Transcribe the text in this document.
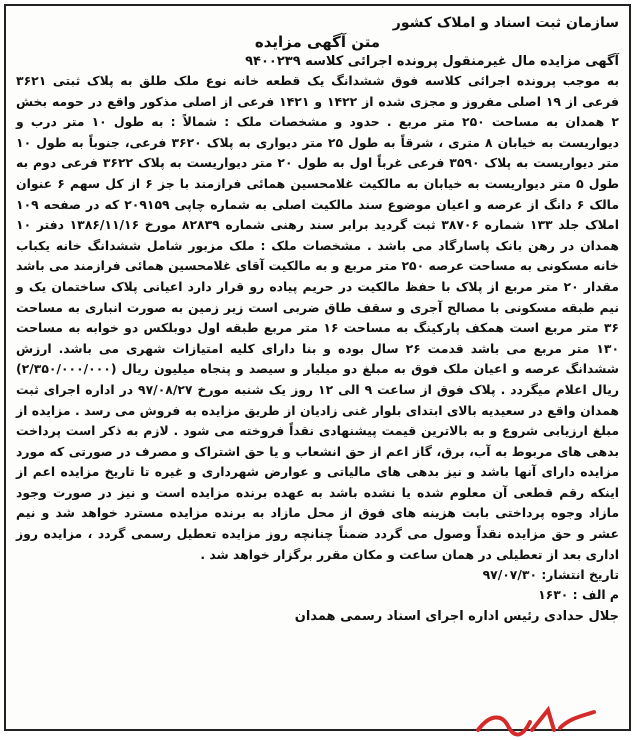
سازمان ثبت اسناد و املاک کشور

متن آگهی مزایده

آگهی مزایده مال غیرمنقول پرونده اجرائی کلاسه ۹۴۰۰۲۳۹

به موجب پرونده اجرائی کلاسه فوق ششدانگ یک قطعه خانه نوع ملک طلق به پلاک ثبتی ۳۶۲۱ فرعی از ۱۹ اصلی مفروز و مجزی شده از ۱۴۲۲ و ۱۴۲۱ فرعی از اصلی مذکور واقع در حومه بخش ۲ همدان به مساحت ۲۵۰ متر مربع . حدود و مشخصات ملک : شمالاً : به طول ۱۰ متر درب و دیواریست به خیابان ۸ متری ، شرقاً به طول ۲۵ متر دیواری به پلاک ۳۶۲۰ فرعی، جنوباً به طول ۱۰ متر دیواریست به پلاک ۳۵۹۰ فرعی غرباً اول به طول ۲۰ متر دیواریست به پلاک ۳۶۲۲ فرعی دوم به طول ۵ متر دیواریست به خیابان به مالکیت غلامحسین همائی فرازمند با جز ۶ از کل سهم ۶ عنوان مالک ۶ دانگ از عرصه و اعیان موضوع سند مالکیت اصلی به شماره چاپی ۲۰۹۱۵۹ که در صفحه ۱۰۹ املاک جلد ۱۳۳ شماره ۳۸۷۰۶ ثبت گردید برابر سند رهنی شماره ۸۲۸۳۹ مورخ ۱۳۸۶/۱۱/۱۶ دفتر ۱۰ همدان در رهن بانک پاسارگاد می باشد . مشخصات ملک : ملک مزبور شامل ششدانگ خانه یکباب خانه مسکونی به مساحت عرصه ۲۵۰ متر مربع و به مالکیت آقای غلامحسین همائی فرازمند می باشد مقدار ۲۰ متر مربع از پلاک با حفظ مالکیت در حریم پیاده رو قرار دارد اعیانی پلاک ساختمان یک و نیم طبقه مسکونی با مصالح آجری و سقف طاق ضربی است زیر زمین به صورت انباری به مساحت ۳۶ متر مربع است همکف پارکینگ به مساحت ۱۶ متر مربع طبقه اول دوبلکس دو خوابه به مساحت ۱۳۰ متر مربع می باشد قدمت ۲۶ سال بوده و بنا دارای کلیه امتیازات شهری می باشد. ارزش ششدانگ عرصه و اعیان ملک فوق به مبلغ دو میلیار و سیصد و پنجاه میلیون ریال (۲/۳۵۰/۰۰۰/۰۰۰) ریال اعلام میگردد . پلاک فوق از ساعت ۹ الی ۱۲ روز یک شنبه مورخ ۹۷/۰۸/۲۷ در اداره اجرای ثبت همدان واقع در سعیدیه بالای ابتدای بلوار غنی زادیان از طریق مزایده به فروش می رسد . مزایده از مبلغ ارزیابی شروع و به بالاترین قیمت پیشنهادی نقداً فروخته می شود . لازم به ذکر است پرداخت بدهی های مربوط به آب، برق، گاز اعم از حق انشعاب و یا حق اشتراک و مصرف در صورتی که مورد مزایده دارای آنها باشد و نیز بدهی های مالیاتی و عوارض شهرداری و غیره تا تاریخ مزایده اعم از اینکه رقم قطعی آن معلوم شده یا نشده باشد به عهده برنده مزایده است و نیز در صورت وجود مازاد وجوه پرداختی بابت هزینه های فوق از محل مازاد به برنده مزایده مسترد خواهد شد و نیم عشر و حق مزایده نقداً وصول می گردد ضمناً چنانچه روز مزایده تعطیل رسمی گردد ، مزایده روز اداری بعد از تعطیلی در همان ساعت و مکان مقرر برگزار خواهد شد .

تاریخ انتشار: ۹۷/۰۷/۳۰

م الف : ۱۶۳۰

جلال حدادی رئیس اداره اجرای اسناد رسمی همدان
